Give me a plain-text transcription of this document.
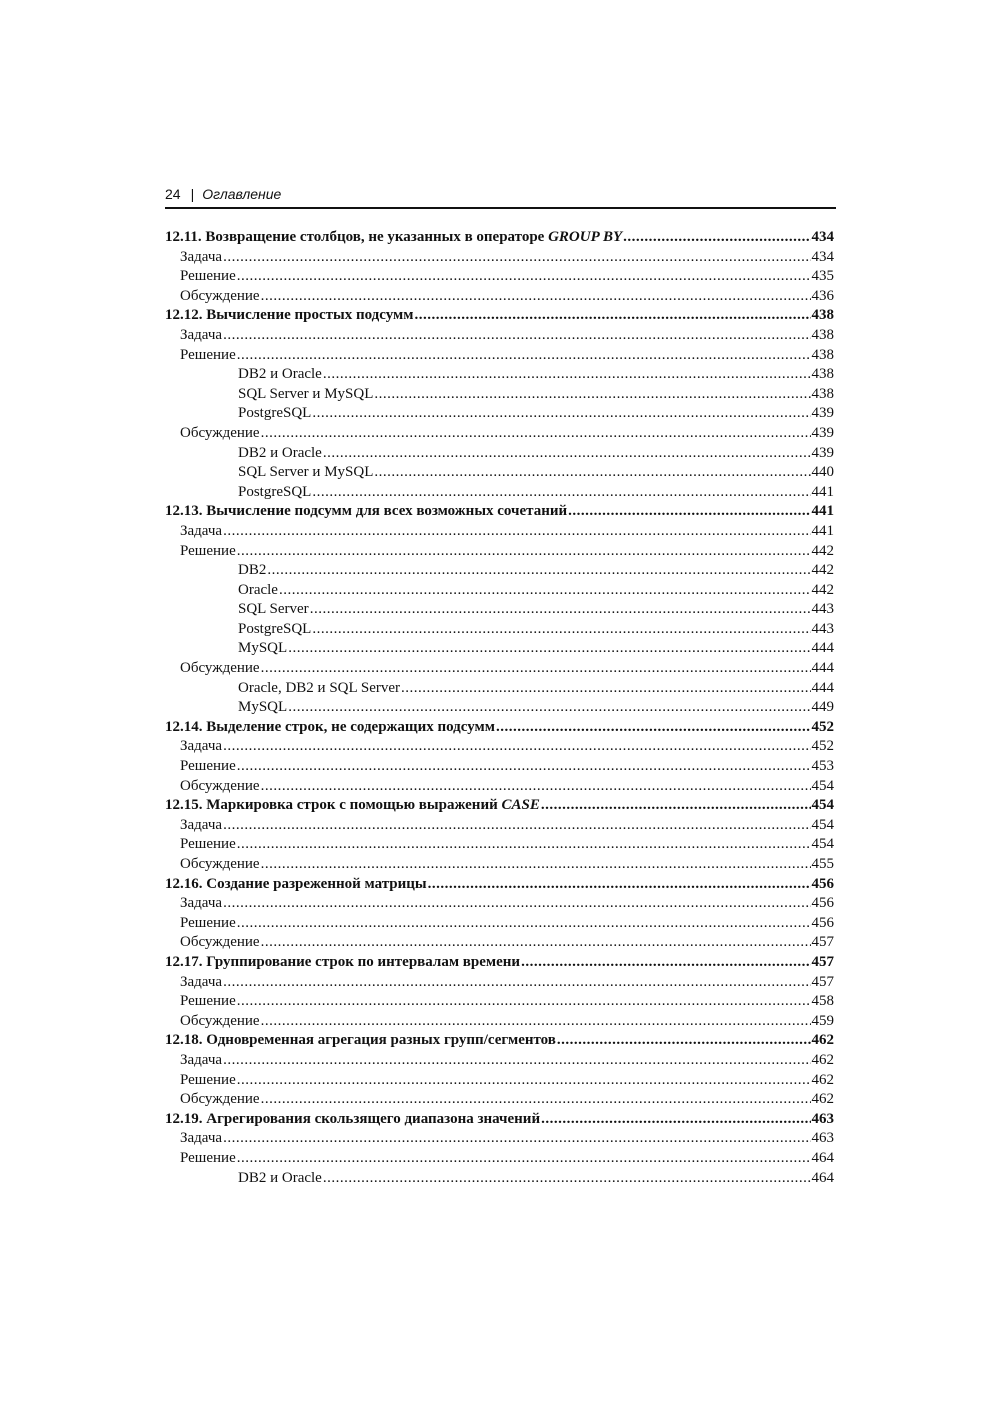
24 | Оглавление
12.11. Возвращение столбцов, не указанных в операторе GROUP BY .....	434
Задача .....	434
Решение .....	435
Обсуждение .....	436
12.12. Вычисление простых подсумм .....	438
Задача .....	438
Решение .....	438
DB2 и Oracle .....	438
SQL Server и MySQL .....	438
PostgreSQL .....	439
Обсуждение .....	439
DB2 и Oracle .....	439
SQL Server и MySQL .....	440
PostgreSQL .....	441
12.13. Вычисление подсумм для всех возможных сочетаний .....	441
Задача .....	441
Решение .....	442
DB2 .....	442
Oracle .....	442
SQL Server .....	443
PostgreSQL .....	443
MySQL .....	444
Обсуждение .....	444
Oracle, DB2 и SQL Server .....	444
MySQL .....	449
12.14. Выделение строк, не содержащих подсумм .....	452
Задача .....	452
Решение .....	453
Обсуждение .....	454
12.15. Маркировка строк с помощью выражений CASE .....	454
Задача .....	454
Решение .....	454
Обсуждение .....	455
12.16. Создание разреженной матрицы .....	456
Задача .....	456
Решение .....	456
Обсуждение .....	457
12.17. Группирование строк по интервалам времени .....	457
Задача .....	457
Решение .....	458
Обсуждение .....	459
12.18. Одновременная агрегация разных групп/сегментов .....	462
Задача .....	462
Решение .....	462
Обсуждение .....	462
12.19. Агрегирования скользящего диапазона значений .....	463
Задача .....	463
Решение .....	464
DB2 и Oracle .....	464
